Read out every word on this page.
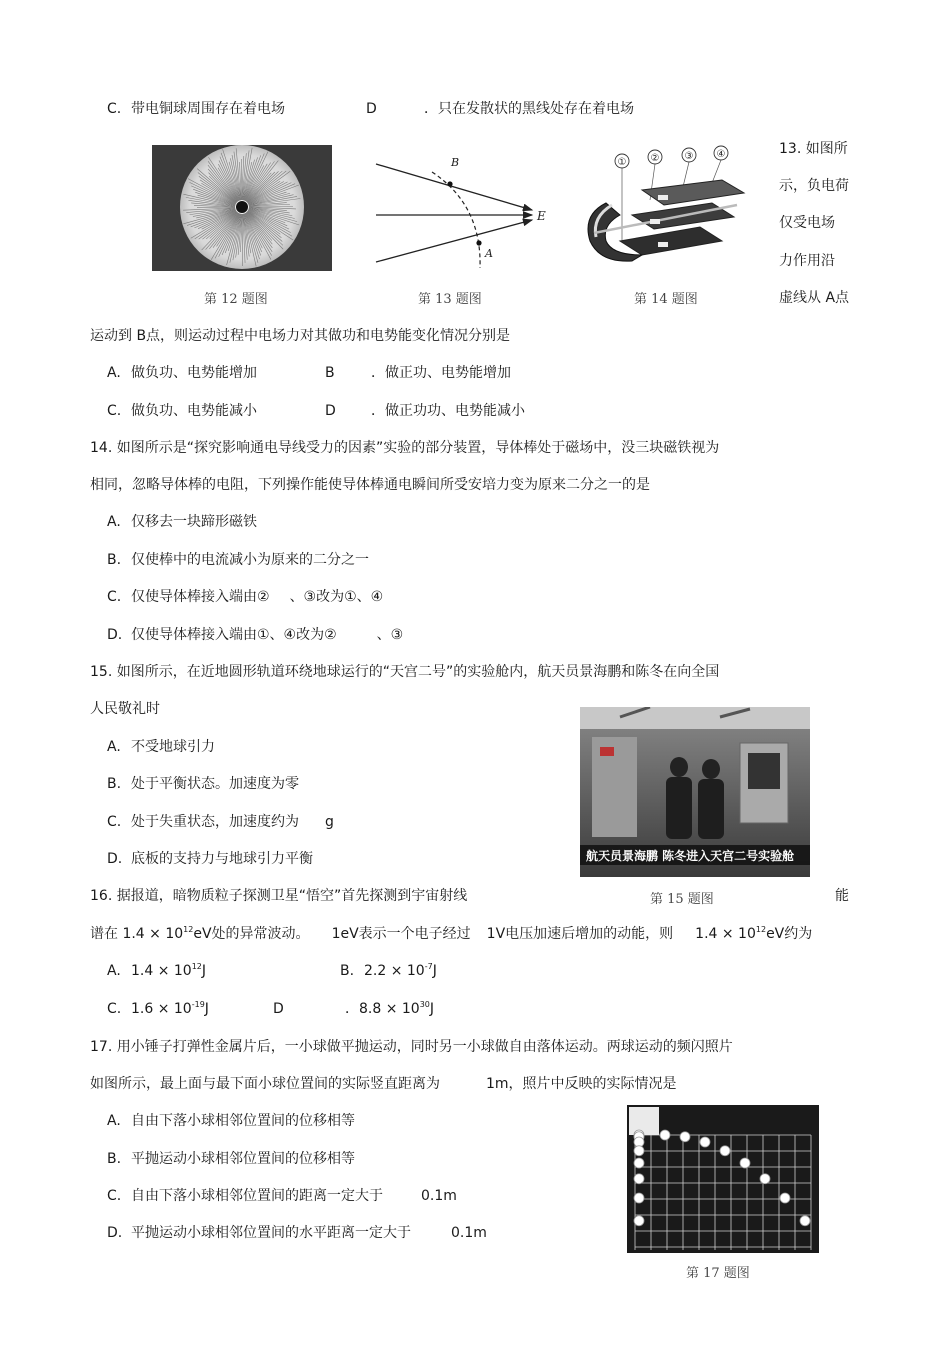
C. 带电铜球周围存在着电场	D	．只在发散状的黑线处存在着电场
第 12 题图
B
A
E
第 13 题图
① ②	③ ④
第 14 题图
13. 如图所
示，负电荷
仅受电场
力作用沿
虚线从 A点
运动到 B点，则运动过程中电场力对其做功和电势能变化情况分别是
A. 做负功、电势能增加	B	．做正功、电势能增加
C. 做负功、电势能减小	D	．做正功功、电势能减小
14. 如图所示是“探究影响通电导线受力的因素”实验的部分装置，导体棒处于磁场中，没三块磁铁视为
相同，忽略导体棒的电阻，下列操作能使导体棒通电瞬间所受安培力变为原来二分之一的是
A. 仅移去一块蹄形磁铁
B. 仅使棒中的电流减小为原来的二分之一
C. 仅使导体棒接入端由② 、③改为①、④
D. 仅使导体棒接入端由①、④改为②	、③
15. 如图所示，在近地圆形轨道环绕地球运行的“天宫二号”的实验舱内，航天员景海鹏和陈冬在向全国
人民敬礼时
航天员景海鹏 陈冬进入天宫二号实验舱
第 15 题图
A. 不受地球引力
B. 处于平衡状态。加速度为零
C. 处于失重状态，加速度约为 g
D. 底板的支持力与地球引力平衡
16. 据报道，暗物质粒子探测卫星“悟空”首先探测到宇宙射线	能
谱在 $1.4 \times 10^{12}eV$处的异常波动。 1eV表示一个电子经过 1V电压加速后增加的动能，则 $1.4 \times 10^{12}eV$约为
A. $1.4 \times 10^{12}J$	B. $2.2 \times 10^{-7}J$
C. $1.6 \times 10^{-19}J$	D	．$8.8 \times 10^{30}J$
17. 用小锤子打弹性金属片后，一小球做平抛运动，同时另一小球做自由落体运动。两球运动的频闪照片
如图所示，最上面与最下面小球位置间的实际竖直距离为	1m，照片中反映的实际情况是
A. 自由下落小球相邻位置间的位移相等
B. 平抛运动小球相邻位置间的位移相等
C. 自由下落小球相邻位置间的距离一定大于	0.1m
D. 平抛运动小球相邻位置间的水平距离一定大于	0.1m
第 17 题图
